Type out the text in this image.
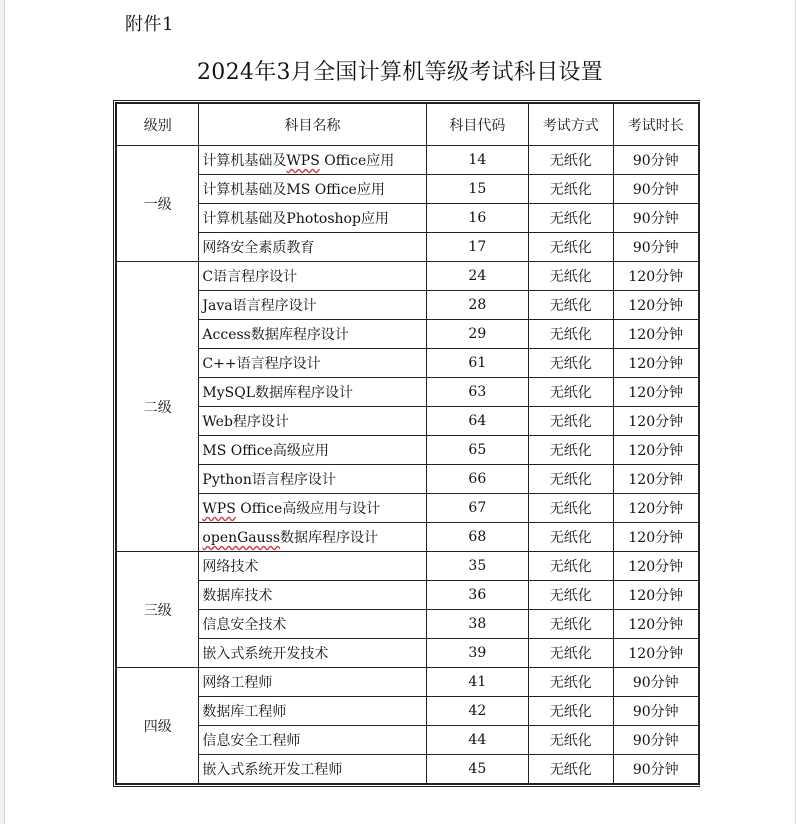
附件1
2024年3月全国计算机等级考试科目设置
级别	科目名称	科目代码	考试方式	考试时长
一级	计算机基础及WPS Office应用	14	无纸化	90分钟
	计算机基础及MS Office应用	15	无纸化	90分钟
	计算机基础及Photoshop应用	16	无纸化	90分钟
	网络安全素质教育	17	无纸化	90分钟
二级	C语言程序设计	24	无纸化	120分钟
	Java语言程序设计	28	无纸化	120分钟
	Access数据库程序设计	29	无纸化	120分钟
	C++语言程序设计	61	无纸化	120分钟
	MySQL数据库程序设计	63	无纸化	120分钟
	Web程序设计	64	无纸化	120分钟
	MS Office高级应用	65	无纸化	120分钟
	Python语言程序设计	66	无纸化	120分钟
	WPS Office高级应用与设计	67	无纸化	120分钟
	openGauss数据库程序设计	68	无纸化	120分钟
三级	网络技术	35	无纸化	120分钟
	数据库技术	36	无纸化	120分钟
	信息安全技术	38	无纸化	120分钟
	嵌入式系统开发技术	39	无纸化	120分钟
四级	网络工程师	41	无纸化	90分钟
	数据库工程师	42	无纸化	90分钟
	信息安全工程师	44	无纸化	90分钟
	嵌入式系统开发工程师	45	无纸化	90分钟
